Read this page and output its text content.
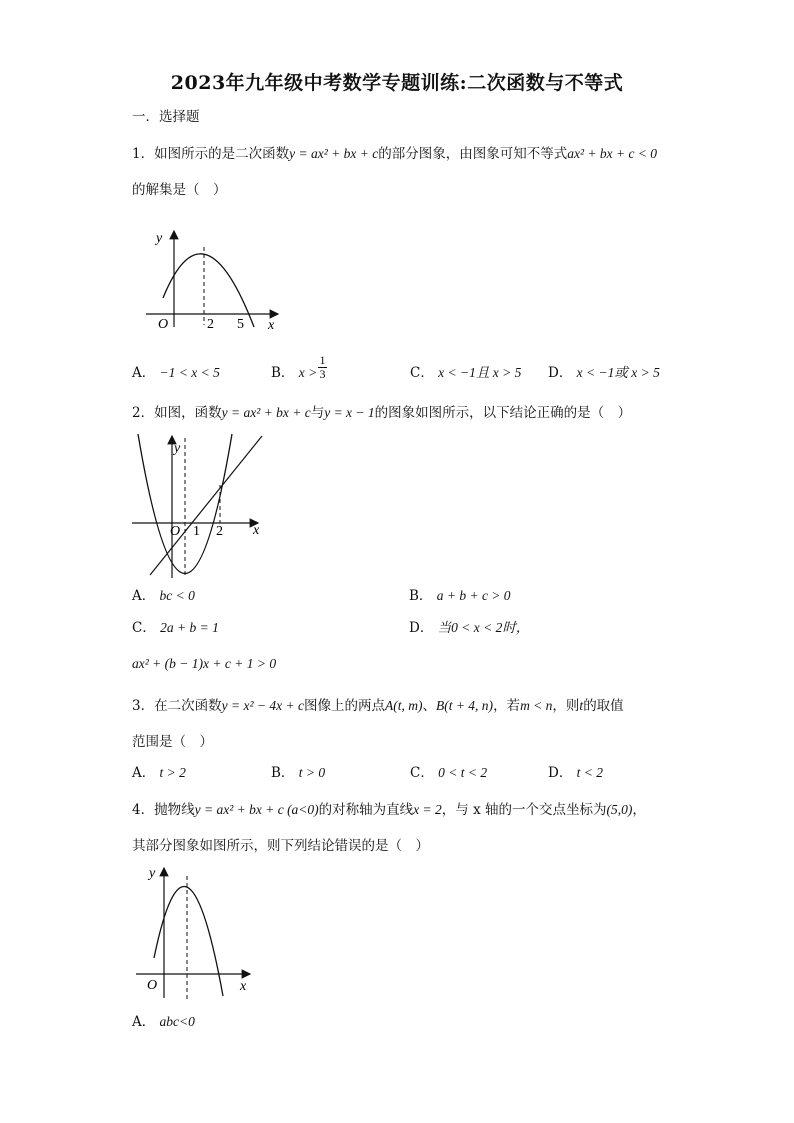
2023年九年级中考数学专题训练:二次函数与不等式
一．选择题
1．如图所示的是二次函数y = ax² + bx + c的部分图象，由图象可知不等式ax² + bx + c < 0
的解集是（　）
y
O	2 5 x
A． −1 < x < 5	B． $x > \frac{1}{3}$	C． x < −1且 x > 5 D． x < −1或 x > 5
2．如图，函数y = ax² + bx + c与y = x − 1的图象如图所示，以下结论正确的是（　）
y
O 1 2 x
A． bc < 0	B． a + b + c > 0
C． 2a + b = 1	D． 当0 < x < 2时，
ax² + (b − 1)x + c + 1 > 0
3．在二次函数y = x² − 4x + c图像上的两点A(t, m)、B(t + 4, n)，若m < n，则t的取值
范围是（　）
A． t > 2	B． t > 0	C． 0 < t < 2	D． t < 2
4．抛物线y = ax² + bx + c (a<0)的对称轴为直线x = 2，与 x 轴的一个交点坐标为(5,0)，
其部分图象如图所示，则下列结论错误的是（　）
y
O	x
A． abc<0
